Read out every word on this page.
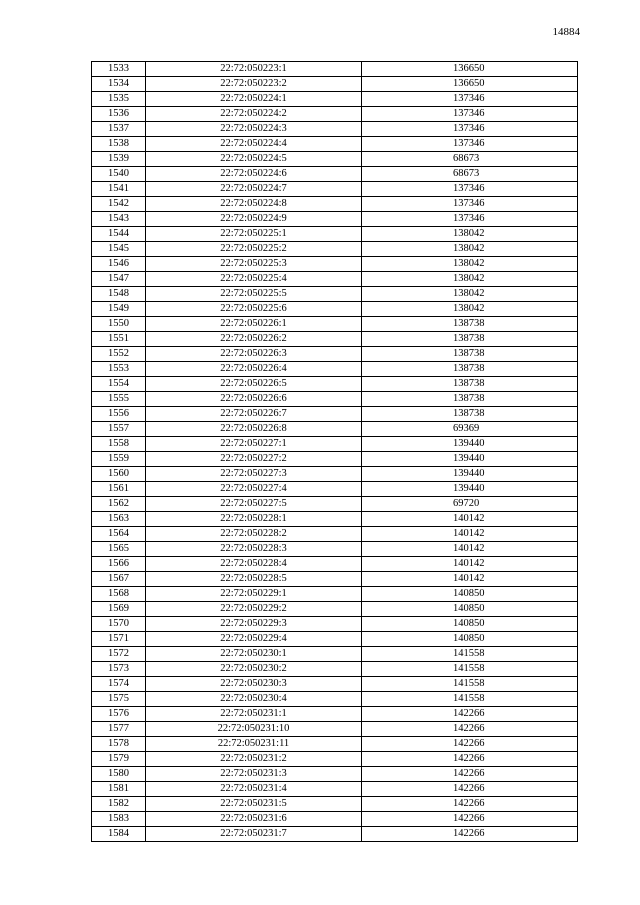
14884
1533	22:72:050223:1	136650
1534	22:72:050223:2	136650
1535	22:72:050224:1	137346
1536	22:72:050224:2	137346
1537	22:72:050224:3	137346
1538	22:72:050224:4	137346
1539	22:72:050224:5	68673
1540	22:72:050224:6	68673
1541	22:72:050224:7	137346
1542	22:72:050224:8	137346
1543	22:72:050224:9	137346
1544	22:72:050225:1	138042
1545	22:72:050225:2	138042
1546	22:72:050225:3	138042
1547	22:72:050225:4	138042
1548	22:72:050225:5	138042
1549	22:72:050225:6	138042
1550	22:72:050226:1	138738
1551	22:72:050226:2	138738
1552	22:72:050226:3	138738
1553	22:72:050226:4	138738
1554	22:72:050226:5	138738
1555	22:72:050226:6	138738
1556	22:72:050226:7	138738
1557	22:72:050226:8	69369
1558	22:72:050227:1	139440
1559	22:72:050227:2	139440
1560	22:72:050227:3	139440
1561	22:72:050227:4	139440
1562	22:72:050227:5	69720
1563	22:72:050228:1	140142
1564	22:72:050228:2	140142
1565	22:72:050228:3	140142
1566	22:72:050228:4	140142
1567	22:72:050228:5	140142
1568	22:72:050229:1	140850
1569	22:72:050229:2	140850
1570	22:72:050229:3	140850
1571	22:72:050229:4	140850
1572	22:72:050230:1	141558
1573	22:72:050230:2	141558
1574	22:72:050230:3	141558
1575	22:72:050230:4	141558
1576	22:72:050231:1	142266
1577	22:72:050231:10	142266
1578	22:72:050231:11	142266
1579	22:72:050231:2	142266
1580	22:72:050231:3	142266
1581	22:72:050231:4	142266
1582	22:72:050231:5	142266
1583	22:72:050231:6	142266
1584	22:72:050231:7	142266
